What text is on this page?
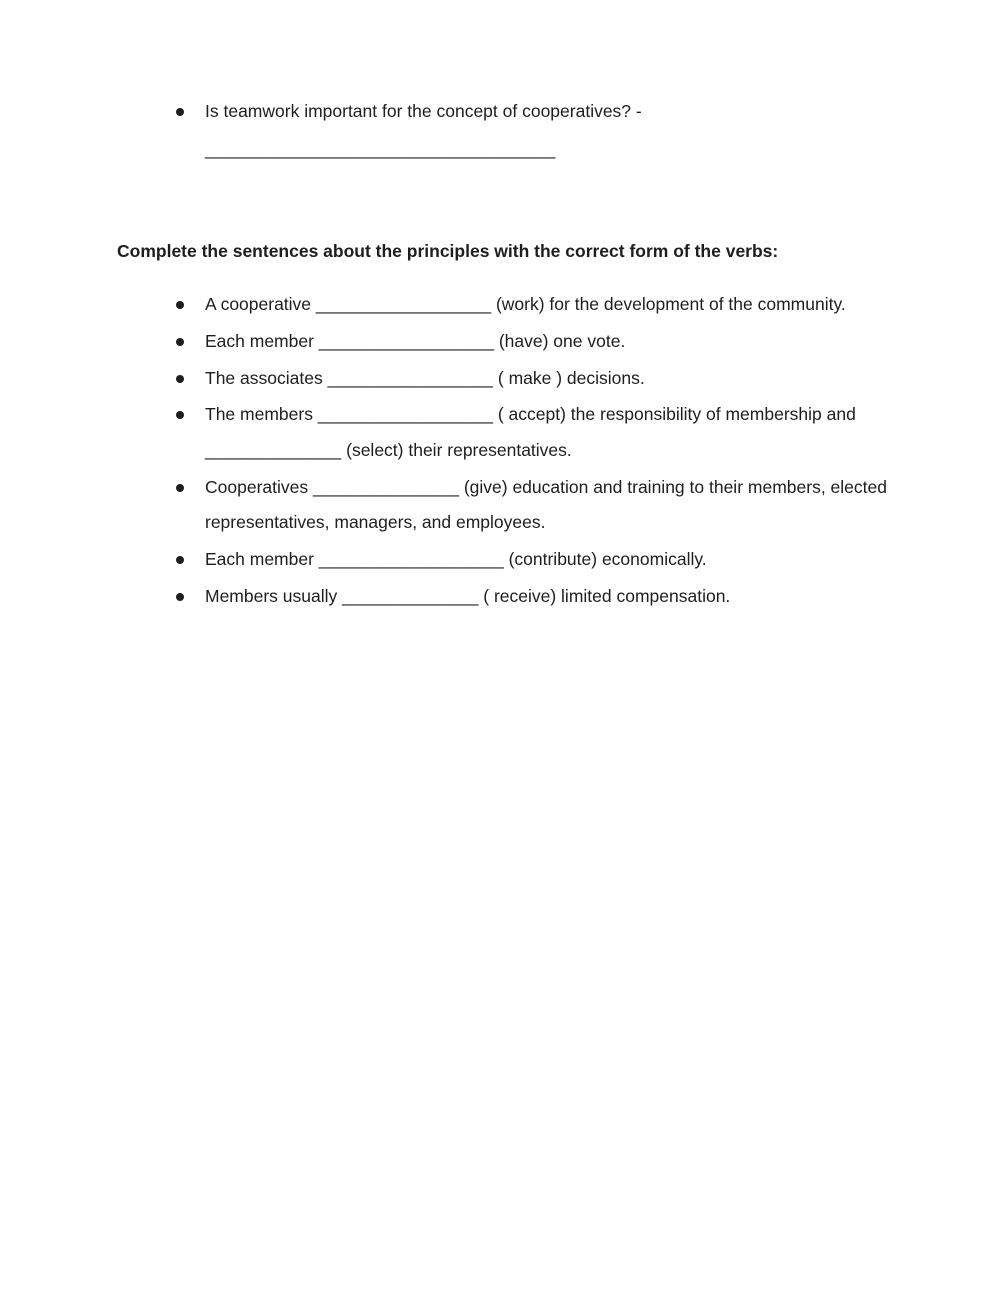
Is teamwork important for the concept of cooperatives? -
____________________________________
Complete the sentences about the principles with the correct form of the verbs:
A cooperative __________________ (work) for the development of the community.
Each member __________________ (have) one vote.
The associates _________________ ( make ) decisions.
The members __________________ ( accept) the responsibility of membership and
______________ (select) their representatives.
Cooperatives _______________ (give) education and training to their members, elected
representatives, managers, and employees.
Each member ___________________ (contribute) economically.
Members usually ______________ ( receive) limited compensation.
